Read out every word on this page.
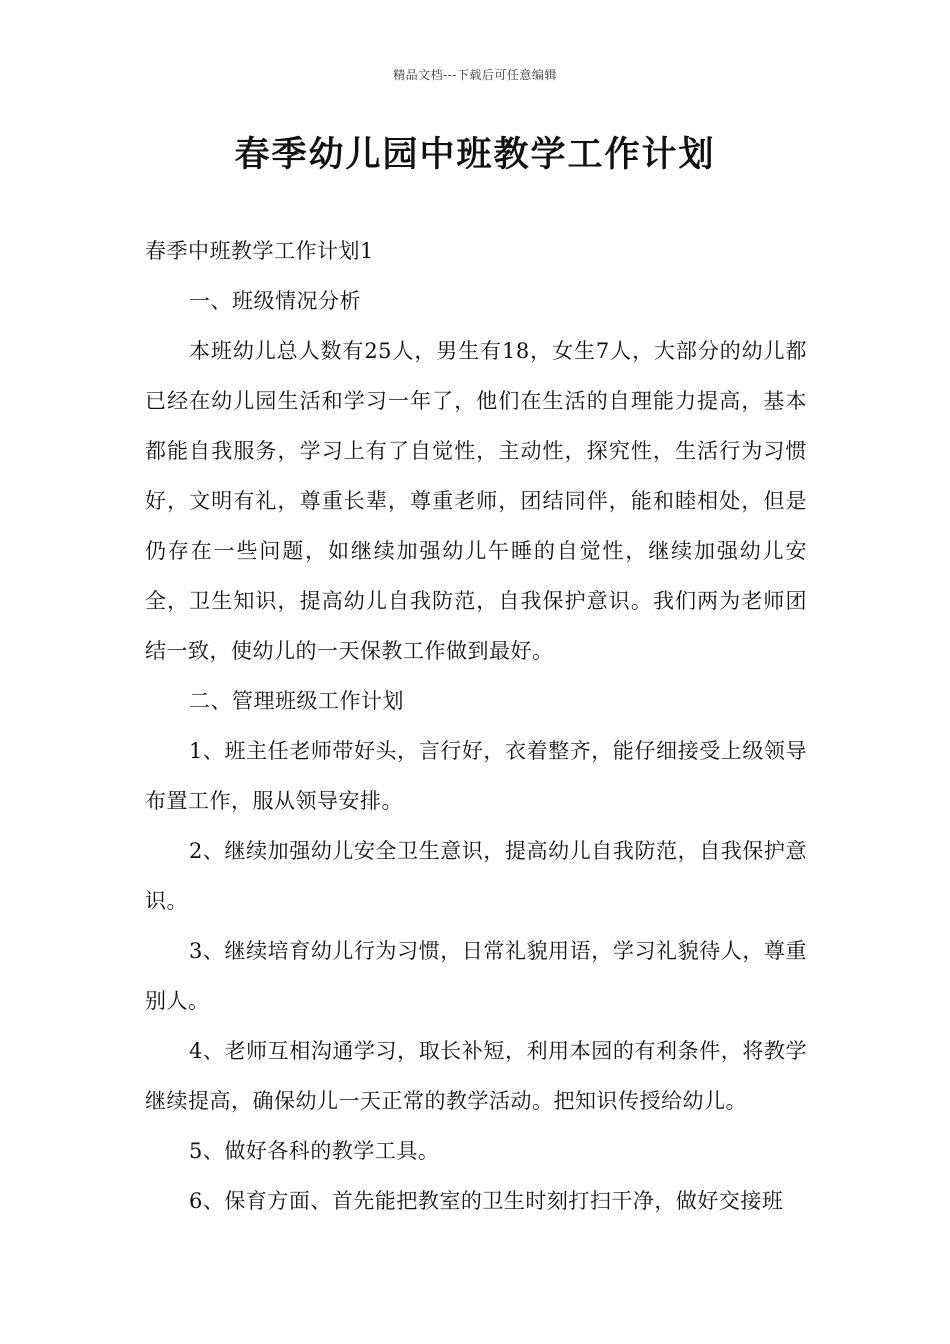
精品文档---下载后可任意编辑
春季幼儿园中班教学工作计划

春季中班教学工作计划1

一、班级情况分析

本班幼儿总人数有25人，男生有18，女生7人，大部分的幼儿都已经在幼儿园生活和学习一年了，他们在生活的自理能力提高，基本都能自我服务，学习上有了自觉性，主动性，探究性，生活行为习惯好，文明有礼，尊重长辈，尊重老师，团结同伴，能和睦相处，但是仍存在一些问题，如继续加强幼儿午睡的自觉性，继续加强幼儿安全，卫生知识，提高幼儿自我防范，自我保护意识。我们两为老师团结一致，使幼儿的一天保教工作做到最好。

二、管理班级工作计划

1、班主任老师带好头，言行好，衣着整齐，能仔细接受上级领导布置工作，服从领导安排。

2、继续加强幼儿安全卫生意识，提高幼儿自我防范，自我保护意识。

3、继续培育幼儿行为习惯，日常礼貌用语，学习礼貌待人，尊重别人。

4、老师互相沟通学习，取长补短，利用本园的有利条件，将教学继续提高，确保幼儿一天正常的教学活动。把知识传授给幼儿。

5、做好各科的教学工具。

6、保育方面、首先能把教室的卫生时刻打扫干净，做好交接班
